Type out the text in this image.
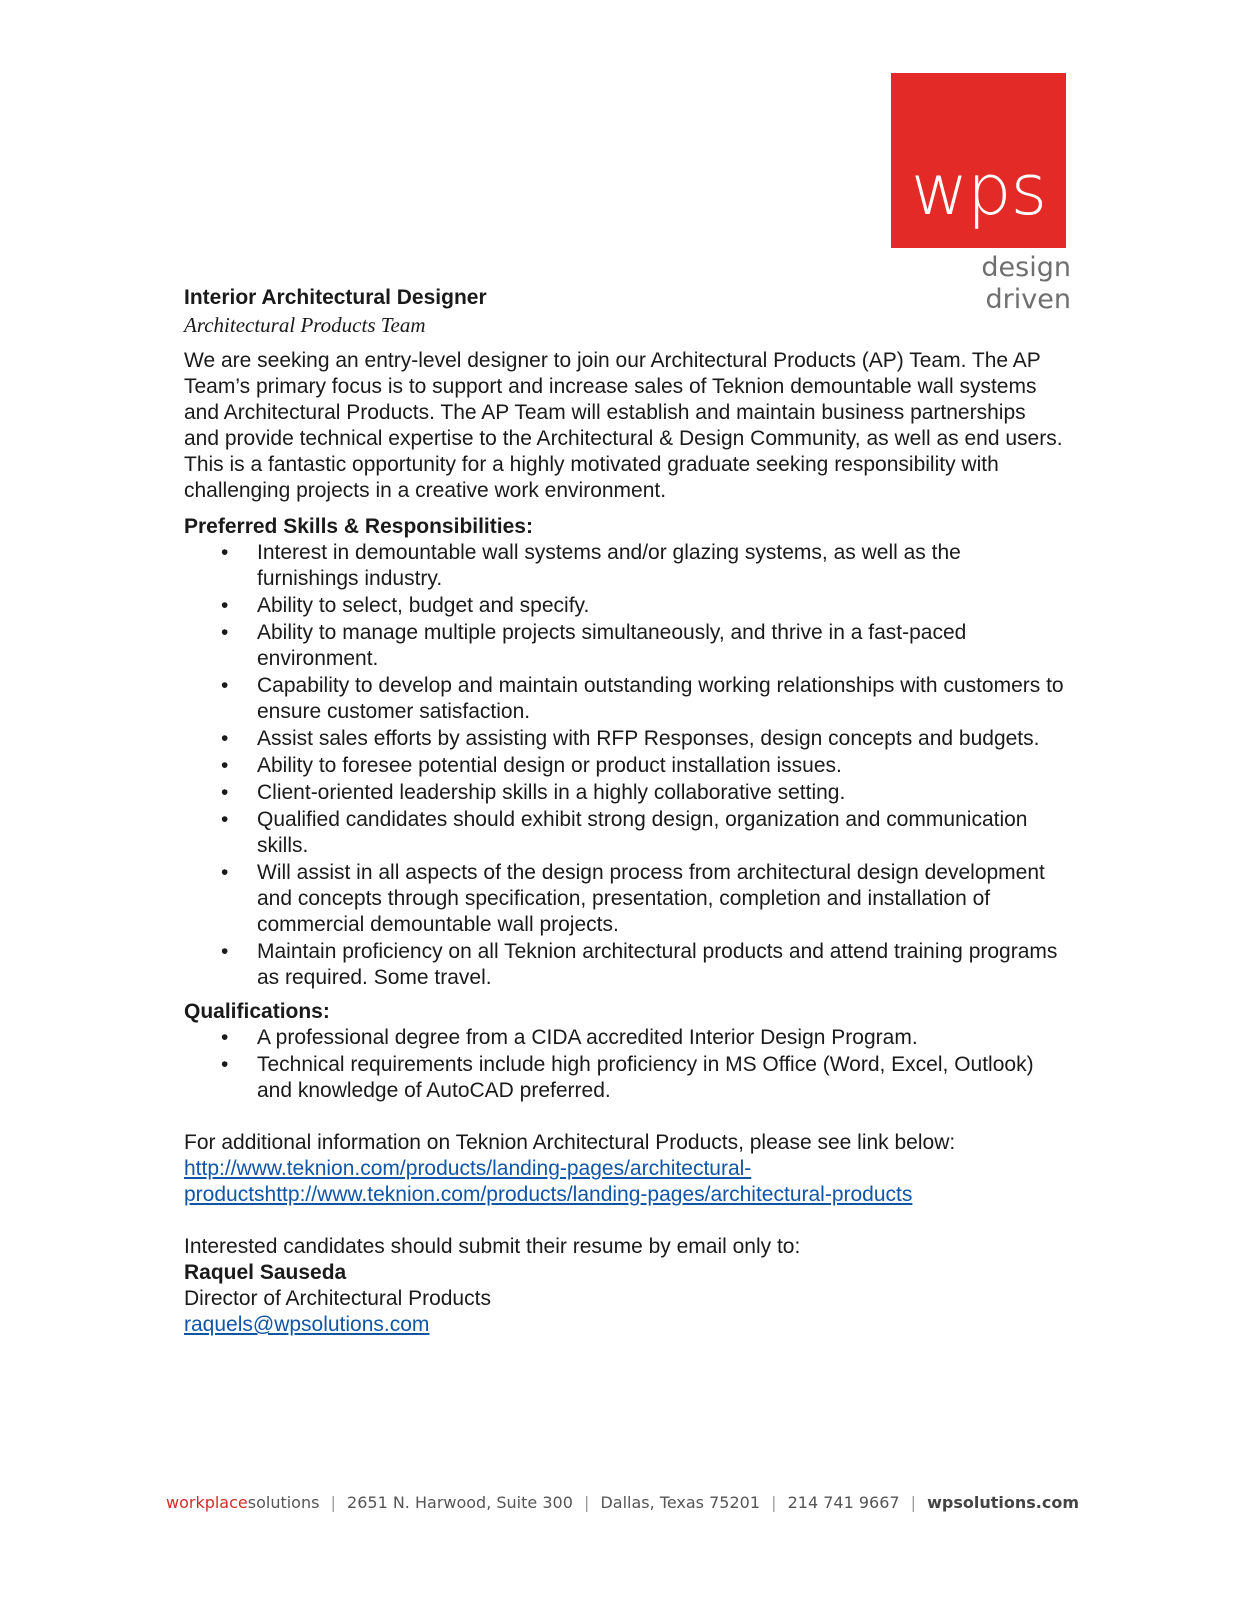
wps
design driven

Interior Architectural Designer

Architectural Products Team

We are seeking an entry-level designer to join our Architectural Products (AP) Team. The AP Team’s primary focus is to support and increase sales of Teknion demountable wall systems and Architectural Products. The AP Team will establish and maintain business partnerships and provide technical expertise to the Architectural & Design Community, as well as end users. This is a fantastic opportunity for a highly motivated graduate seeking responsibility with challenging projects in a creative work environment.

Preferred Skills & Responsibilities:

• Interest in demountable wall systems and/or glazing systems, as well as the furnishings industry.
• Ability to select, budget and specify.
• Ability to manage multiple projects simultaneously, and thrive in a fast-paced environment.
• Capability to develop and maintain outstanding working relationships with customers to ensure customer satisfaction.
• Assist sales efforts by assisting with RFP Responses, design concepts and budgets.
• Ability to foresee potential design or product installation issues.
• Client-oriented leadership skills in a highly collaborative setting.
• Qualified candidates should exhibit strong design, organization and communication skills.
• Will assist in all aspects of the design process from architectural design development and concepts through specification, presentation, completion and installation of commercial demountable wall projects.
• Maintain proficiency on all Teknion architectural products and attend training programs as required. Some travel.

Qualifications:

• A professional degree from a CIDA accredited Interior Design Program.
• Technical requirements include high proficiency in MS Office (Word, Excel, Outlook) and knowledge of AutoCAD preferred.
For additional information on Teknion Architectural Products, please see link below:
http://www.teknion.com/products/landing-pages/architectural-
productshttp://www.teknion.com/products/landing-pages/architectural-products
Interested candidates should submit their resume by email only to:
Raquel Sauseda
Director of Architectural Products
raquels@wpsolutions.com
workplacesolutions | 2651 N. Harwood, Suite 300 | Dallas, Texas 75201 | 214 741 9667 | wpsolutions.com
